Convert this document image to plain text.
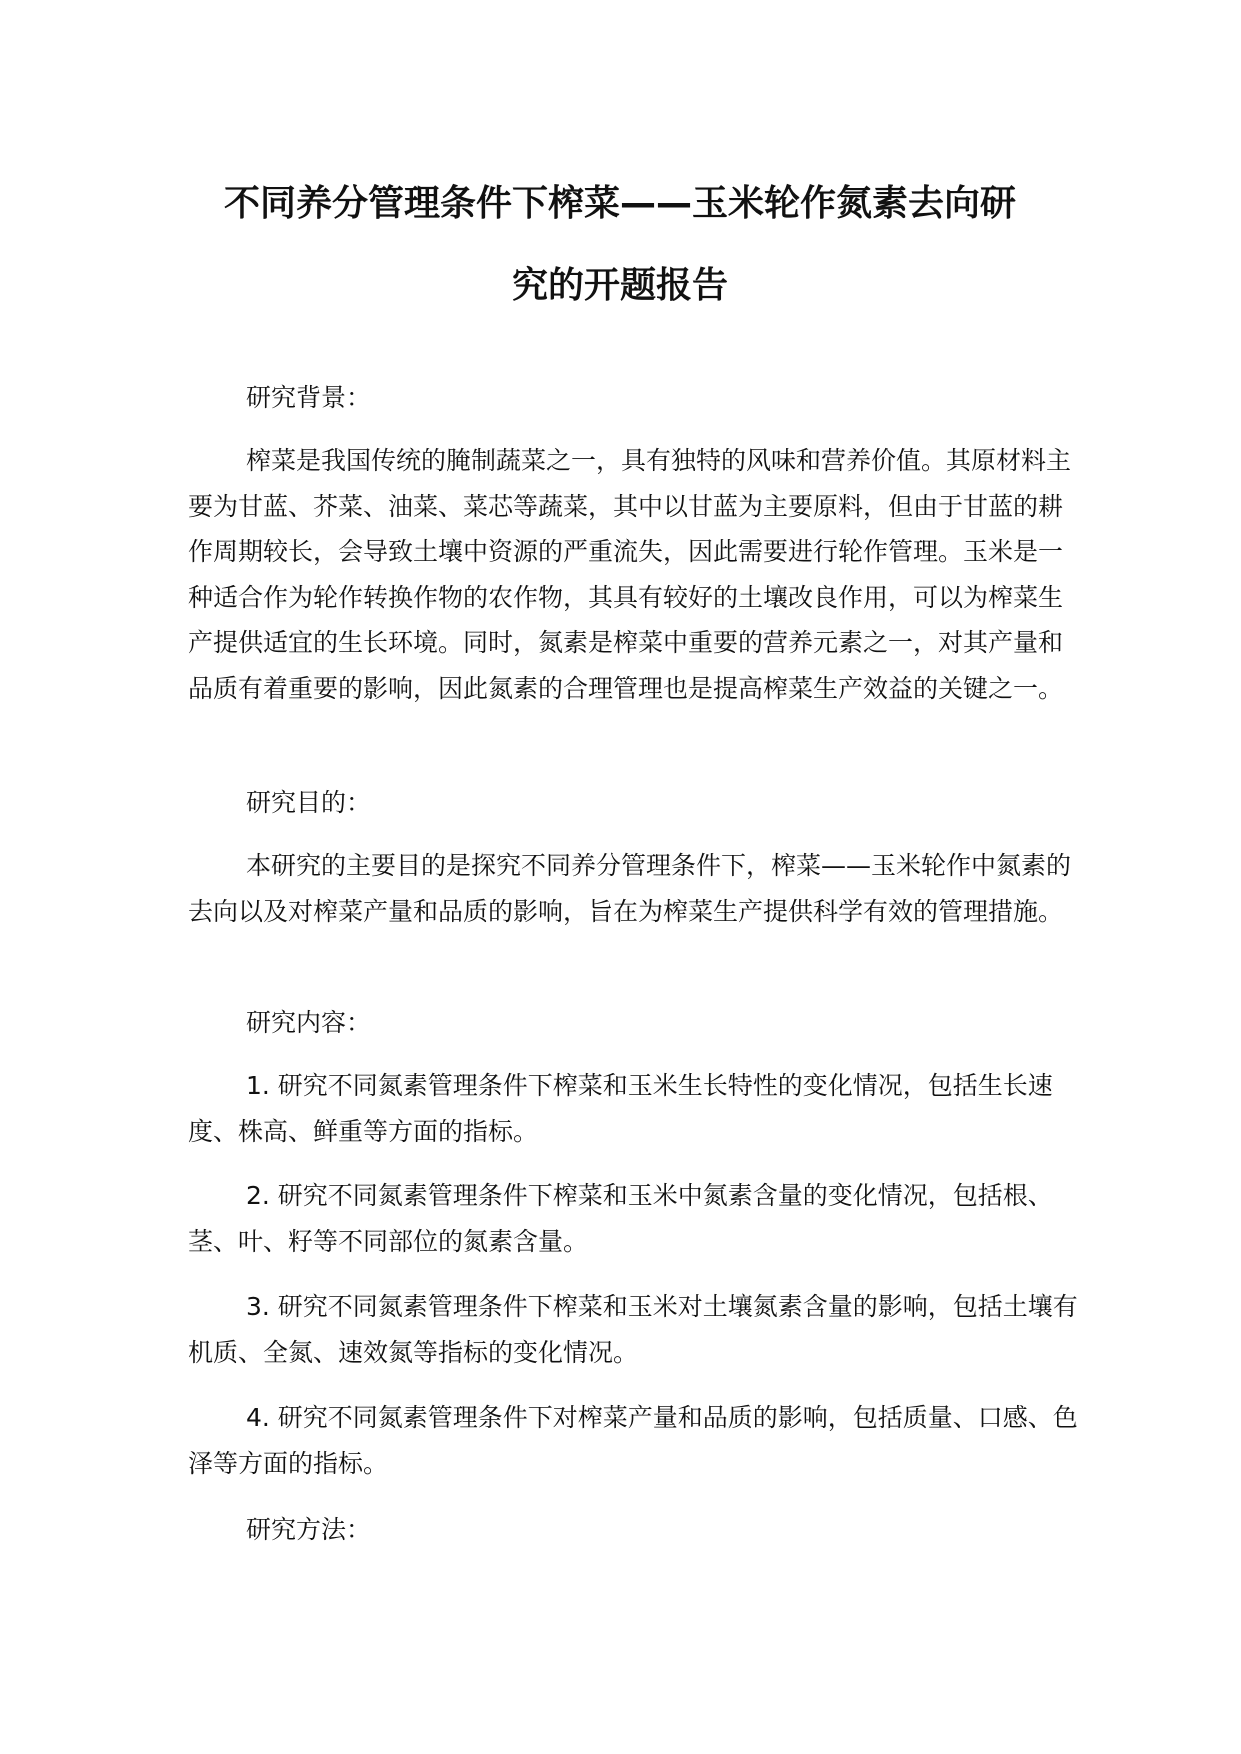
不同养分管理条件下榨菜——玉米轮作氮素去向研
究的开题报告
研究背景：

榨菜是我国传统的腌制蔬菜之一，具有独特的风味和营养价值。其原材料主要为甘蓝、芥菜、油菜、菜芯等蔬菜，其中以甘蓝为主要原料，但由于甘蓝的耕作周期较长，会导致土壤中资源的严重流失，因此需要进行轮作管理。玉米是一种适合作为轮作转换作物的农作物，其具有较好的土壤改良作用，可以为榨菜生产提供适宜的生长环境。同时，氮素是榨菜中重要的营养元素之一，对其产量和品质有着重要的影响，因此氮素的合理管理也是提高榨菜生产效益的关键之一。

研究目的：

本研究的主要目的是探究不同养分管理条件下，榨菜——玉米轮作中氮素的去向以及对榨菜产量和品质的影响，旨在为榨菜生产提供科学有效的管理措施。

研究内容：

1. 研究不同氮素管理条件下榨菜和玉米生长特性的变化情况，包括生长速度、株高、鲜重等方面的指标。

2. 研究不同氮素管理条件下榨菜和玉米中氮素含量的变化情况，包括根、茎、叶、籽等不同部位的氮素含量。

3. 研究不同氮素管理条件下榨菜和玉米对土壤氮素含量的影响，包括土壤有机质、全氮、速效氮等指标的变化情况。

4. 研究不同氮素管理条件下对榨菜产量和品质的影响，包括质量、口感、色泽等方面的指标。

研究方法：
